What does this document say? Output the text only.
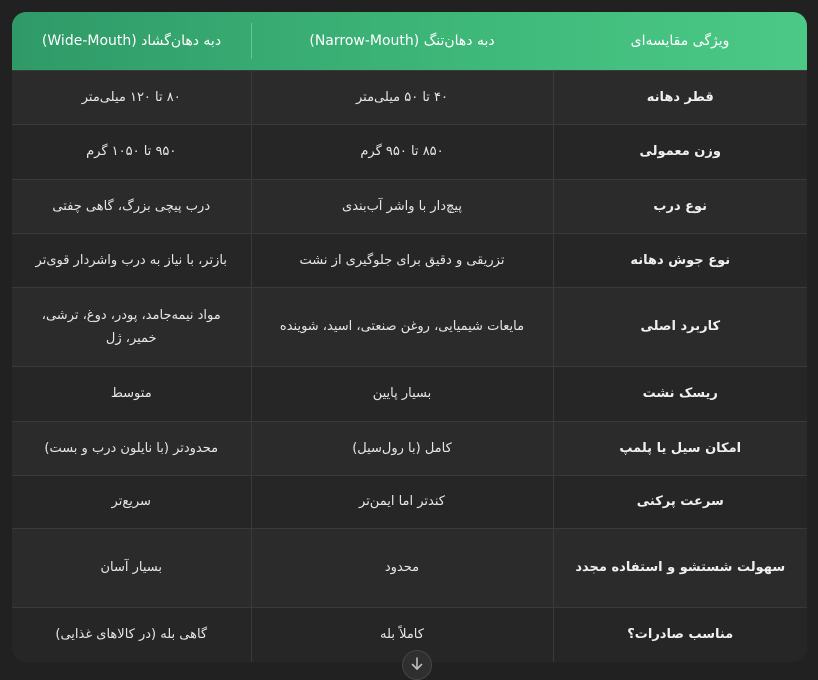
ویژگی مقایسه‌ای	دبه دهان‌تنگ (Narrow-Mouth)	دبه دهان‌گشاد (Wide-Mouth)
قطر دهانه	۴۰ تا ۵۰ میلی‌متر	۸۰ تا ۱۲۰ میلی‌متر
وزن معمولی	۸۵۰ تا ۹۵۰ گرم	۹۵۰ تا ۱۰۵۰ گرم
نوع درب	پیچ‌دار با واشر آب‌بندی	درب پیچی بزرگ، گاهی چفتی
نوع جوش دهانه	تزریقی و دقیق برای جلوگیری از نشت	بازتر، با نیاز به درب واشردار قوی‌تر
کاربرد اصلی	مایعات شیمیایی، روغن صنعتی، اسید، شوینده	مواد نیمه‌جامد، پودر، دوغ، ترشی، خمیر، ژل
ریسک نشت	بسیار پایین	متوسط
امکان سیل یا پلمپ	کامل (با رول‌سیل)	محدودتر (با نایلون درب و بست)
سرعت پرکنی	کندتر اما ایمن‌تر	سریع‌تر
سهولت شستشو و استفاده مجدد	محدود	بسیار آسان
مناسب صادرات؟	کاملاً بله	گاهی بله (در کالاهای غذایی)
